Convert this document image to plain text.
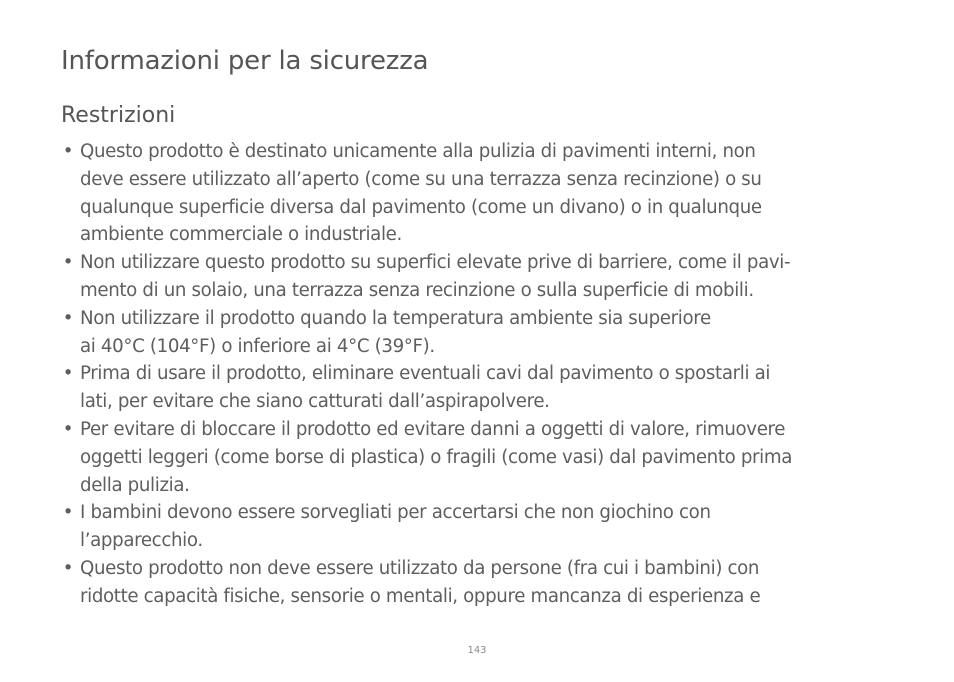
Informazioni per la sicurezza
Restrizioni
• Questo prodotto è destinato unicamente alla pulizia di pavimenti interni, non
deve essere utilizzato all’aperto (come su una terrazza senza recinzione) o su
qualunque superficie diversa dal pavimento (come un divano) o in qualunque
ambiente commerciale o industriale.
• Non utilizzare questo prodotto su superfici elevate prive di barriere, come il pavi-
mento di un solaio, una terrazza senza recinzione o sulla superficie di mobili.
• Non utilizzare il prodotto quando la temperatura ambiente sia superiore
ai 40°C (104°F) o inferiore ai 4°C (39°F).
• Prima di usare il prodotto, eliminare eventuali cavi dal pavimento o spostarli ai
lati, per evitare che siano catturati dall’aspirapolvere.
• Per evitare di bloccare il prodotto ed evitare danni a oggetti di valore, rimuovere
oggetti leggeri (come borse di plastica) o fragili (come vasi) dal pavimento prima
della pulizia.
• I bambini devono essere sorvegliati per accertarsi che non giochino con
l’apparecchio.
• Questo prodotto non deve essere utilizzato da persone (fra cui i bambini) con
ridotte capacità fisiche, sensorie o mentali, oppure mancanza di esperienza e
143
